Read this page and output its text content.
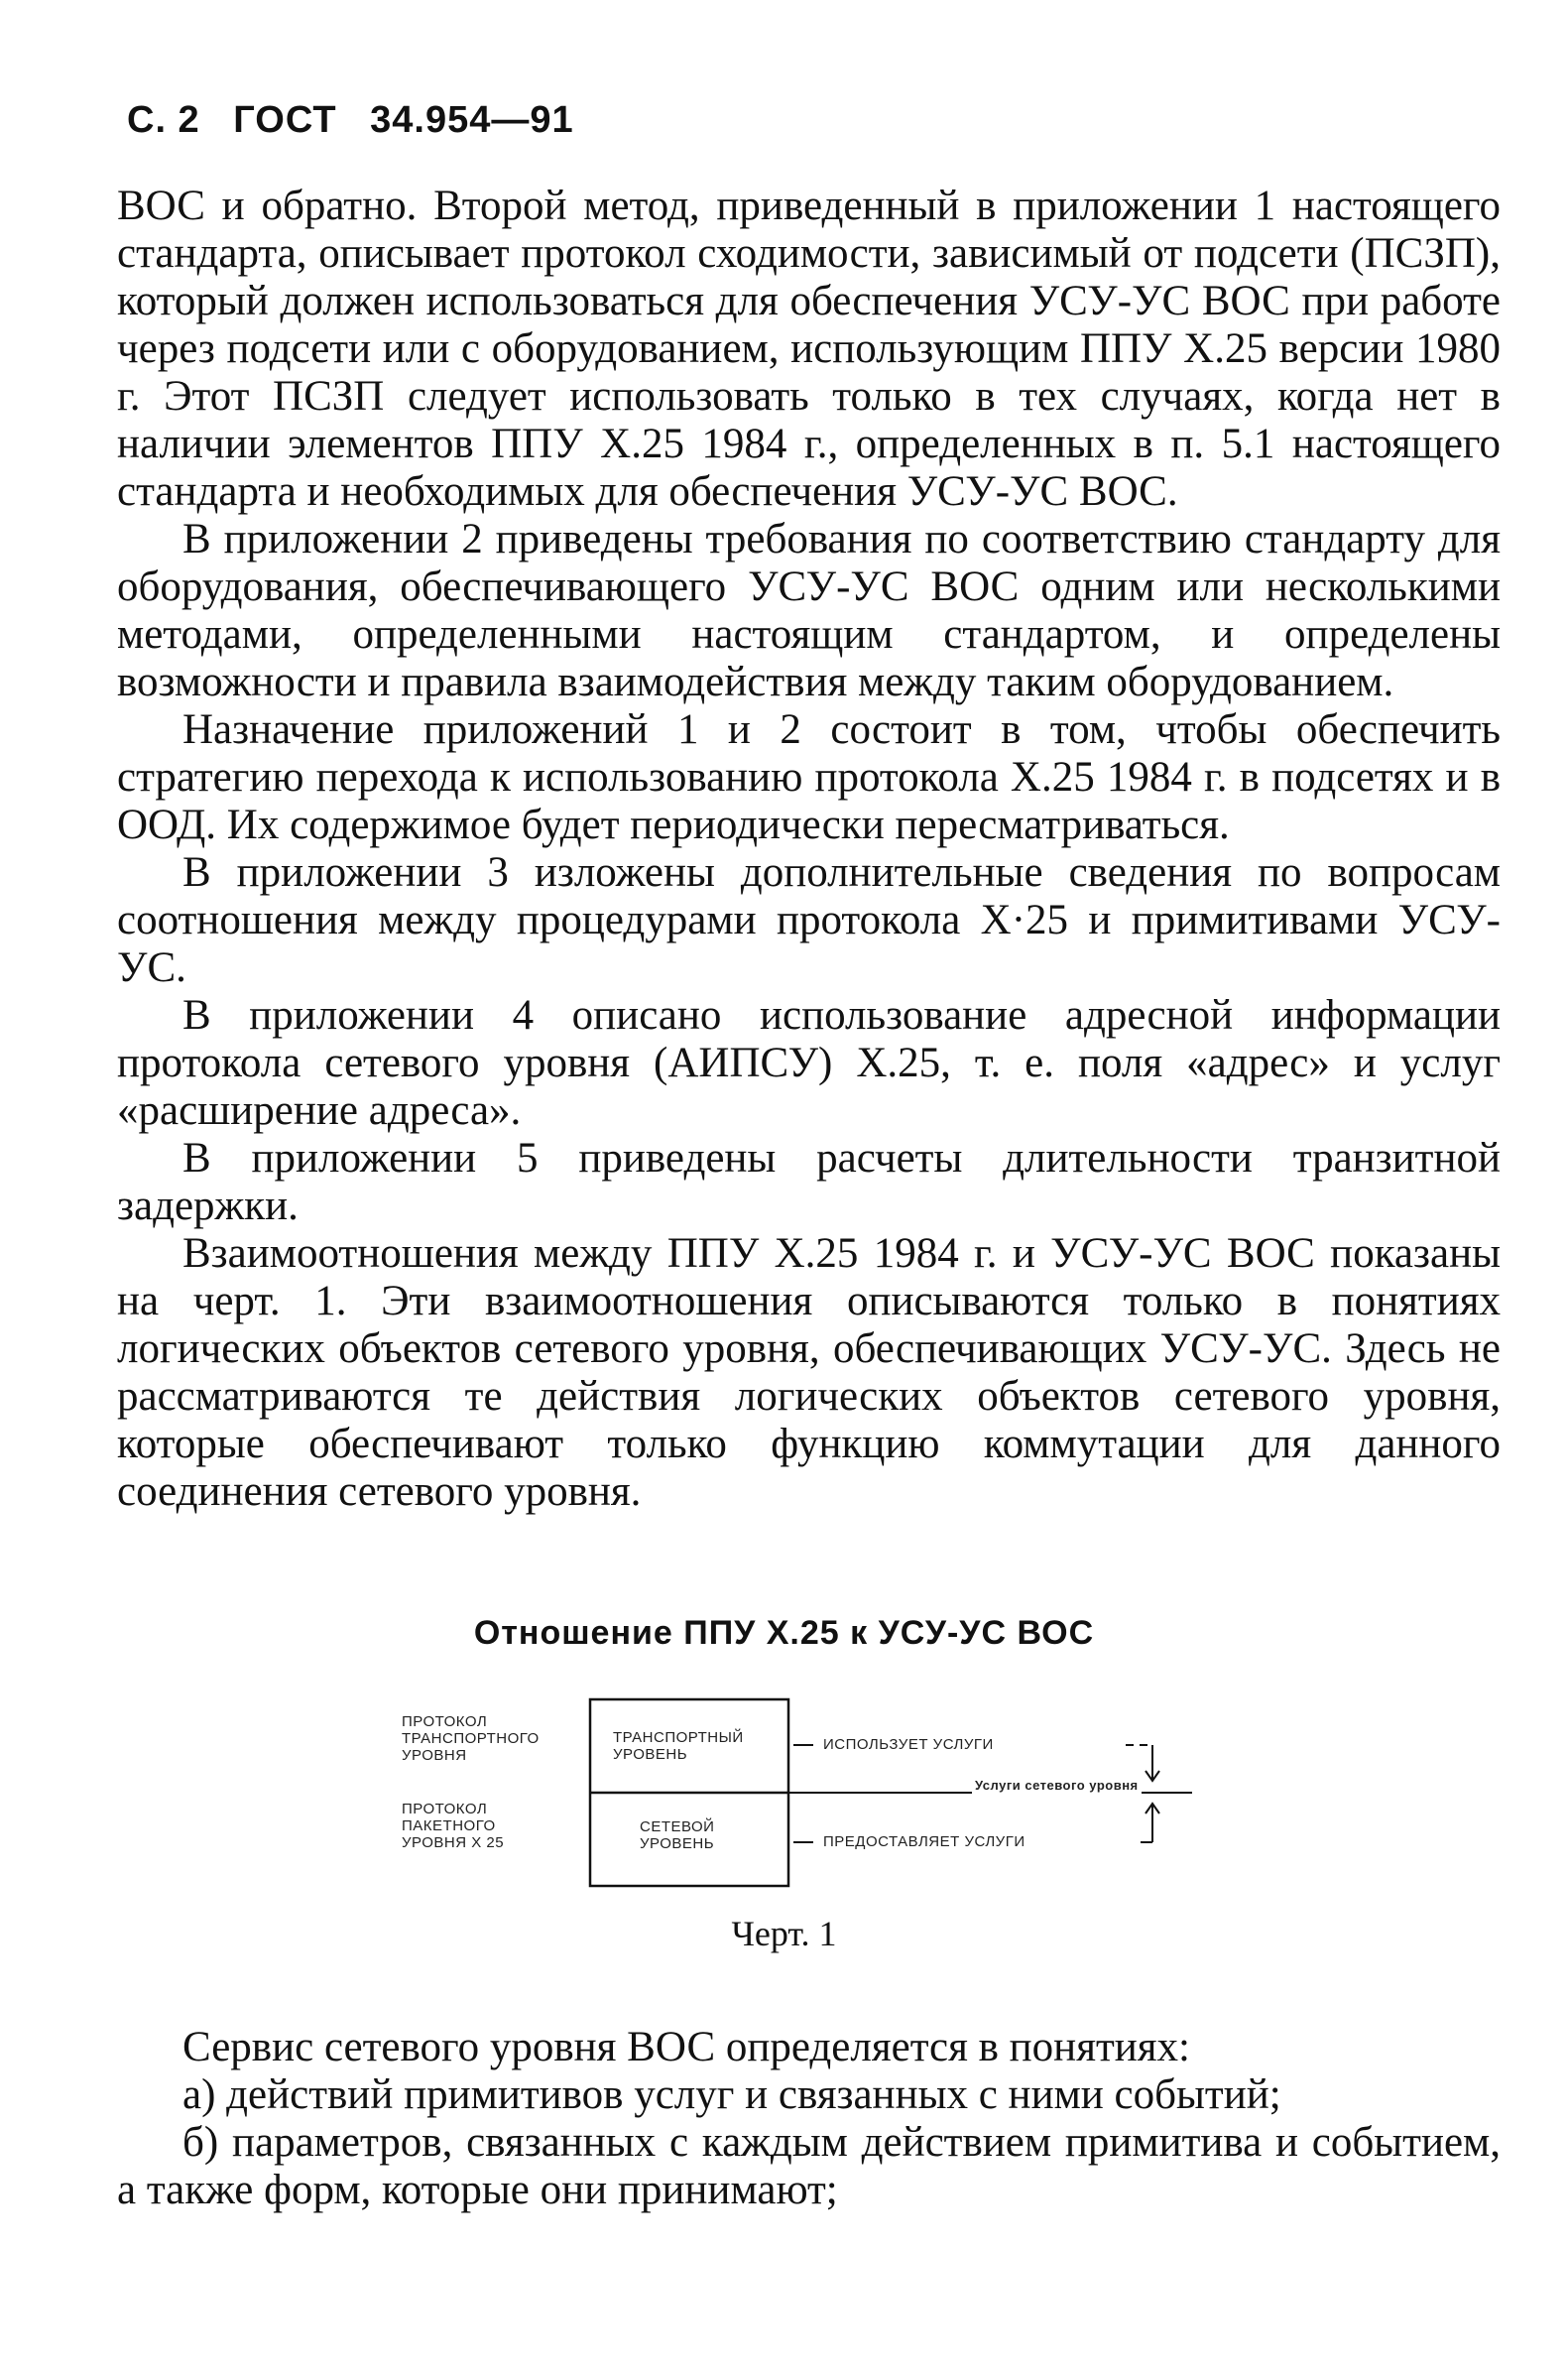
С. 2 ГОСТ 34.954—91

ВОС и обратно. Второй метод, приведенный в приложении 1 настоящего стандарта, описывает протокол сходимости, зависимый от подсети (ПСЗП), который должен использоваться для обеспечения УСУ-УС ВОС при работе через подсети или с оборудованием, использующим ППУ Х.25 версии 1980 г. Этот ПСЗП следует использовать только в тех случаях, когда нет в наличии элементов ППУ Х.25 1984 г., определенных в п. 5.1 настоящего стандарта и необходимых для обеспечения УСУ-УС ВОС.

В приложении 2 приведены требования по соответствию стандарту для оборудования, обеспечивающего УСУ-УС ВОС одним или несколькими методами, определенными настоящим стандартом, и определены возможности и правила взаимодействия между таким оборудованием.

Назначение приложений 1 и 2 состоит в том, чтобы обеспечить стратегию перехода к использованию протокола Х.25 1984 г. в подсетях и в ООД. Их содержимое будет периодически пересматриваться.

В приложении 3 изложены дополнительные сведения по вопросам соотношения между процедурами протокола Х·25 и примитивами УСУ-УС.

В приложении 4 описано использование адресной информации протокола сетевого уровня (АИПСУ) Х.25, т. е. поля «адрес» и услуг «расширение адреса».

В приложении 5 приведены расчеты длительности транзитной задержки.

Взаимоотношения между ППУ Х.25 1984 г. и УСУ-УС ВОС показаны на черт. 1. Эти взаимоотношения описываются только в понятиях логических объектов сетевого уровня, обеспечивающих УСУ-УС. Здесь не рассматриваются те действия логических объектов сетевого уровня, которые обеспечивают только функцию коммутации для данного соединения сетевого уровня.

Отношение ППУ Х.25 к УСУ-УС ВОС
ПРОТОКОЛ ТРАНСПОРТНОГО УРОВНЯ
ПРОТОКОЛ ПАКЕТНОГО УРОВНЯ Х 25
ТРАНСПОРТНЫЙ УРОВЕНЬ
СЕТЕВОЙ УРОВЕНЬ
ИСПОЛЬЗУЕТ УСЛУГИ
ПРЕДОСТАВЛЯЕТ УСЛУГИ
Услуги сетевого уровня
Черт. 1

Сервис сетевого уровня ВОС определяется в понятиях:

а) действий примитивов услуг и связанных с ними событий;

б) параметров, связанных с каждым действием примитива и событием, а также форм, которые они принимают;
